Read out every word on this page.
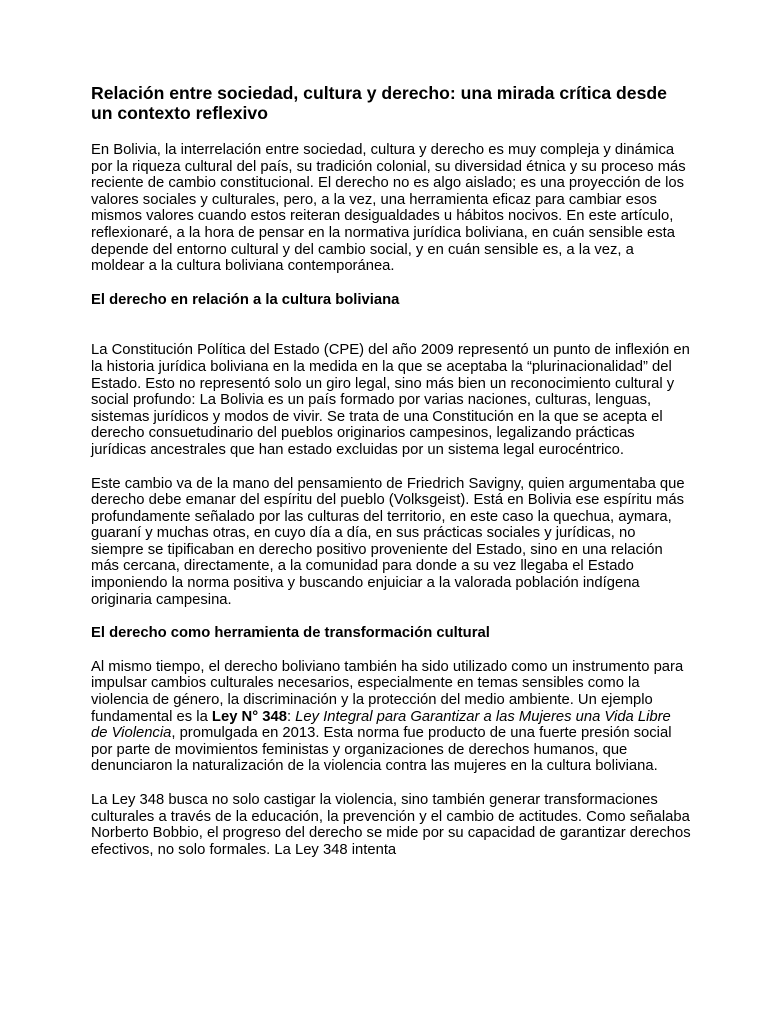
Relación entre sociedad, cultura y derecho: una mirada crítica desde un contexto reflexivo

En Bolivia, la interrelación entre sociedad, cultura y derecho es muy compleja y dinámica por la riqueza cultural del país, su tradición colonial, su diversidad étnica y su proceso más reciente de cambio constitucional. El derecho no es algo aislado; es una proyección de los valores sociales y culturales, pero, a la vez, una herramienta eficaz para cambiar esos mismos valores cuando estos reiteran desigualdades u hábitos nocivos. En este artículo, reflexionaré, a la hora de pensar en la normativa jurídica boliviana, en cuán sensible esta depende del entorno cultural y del cambio social, y en cuán sensible es, a la vez, a moldear a la cultura boliviana contemporánea.

El derecho en relación a la cultura boliviana

La Constitución Política del Estado (CPE) del año 2009 representó un punto de inflexión en la historia jurídica boliviana en la medida en la que se aceptaba la “plurinacionalidad” del Estado. Esto no representó solo un giro legal, sino más bien un reconocimiento cultural y social profundo: La Bolivia es un país formado por varias naciones, culturas, lenguas, sistemas jurídicos y modos de vivir. Se trata de una Constitución en la que se acepta el derecho consuetudinario del pueblos originarios campesinos, legalizando prácticas jurídicas ancestrales que han estado excluidas por un sistema legal eurocéntrico.

Este cambio va de la mano del pensamiento de Friedrich Savigny, quien argumentaba que derecho debe emanar del espíritu del pueblo (Volksgeist). Está en Bolivia ese espíritu más profundamente señalado por las culturas del territorio, en este caso la quechua, aymara, guaraní y muchas otras, en cuyo día a día, en sus prácticas sociales y jurídicas, no siempre se tipificaban en derecho positivo proveniente del Estado, sino en una relación más cercana, directamente, a la comunidad para donde a su vez llegaba el Estado imponiendo la norma positiva y buscando enjuiciar a la valorada población indígena originaria campesina.

El derecho como herramienta de transformación cultural

Al mismo tiempo, el derecho boliviano también ha sido utilizado como un instrumento para impulsar cambios culturales necesarios, especialmente en temas sensibles como la violencia de género, la discriminación y la protección del medio ambiente. Un ejemplo fundamental es la Ley N° 348: Ley Integral para Garantizar a las Mujeres una Vida Libre de Violencia, promulgada en 2013. Esta norma fue producto de una fuerte presión social por parte de movimientos feministas y organizaciones de derechos humanos, que denunciaron la naturalización de la violencia contra las mujeres en la cultura boliviana.

La Ley 348 busca no solo castigar la violencia, sino también generar transformaciones culturales a través de la educación, la prevención y el cambio de actitudes. Como señalaba Norberto Bobbio, el progreso del derecho se mide por su capacidad de garantizar derechos efectivos, no solo formales. La Ley 348 intenta
